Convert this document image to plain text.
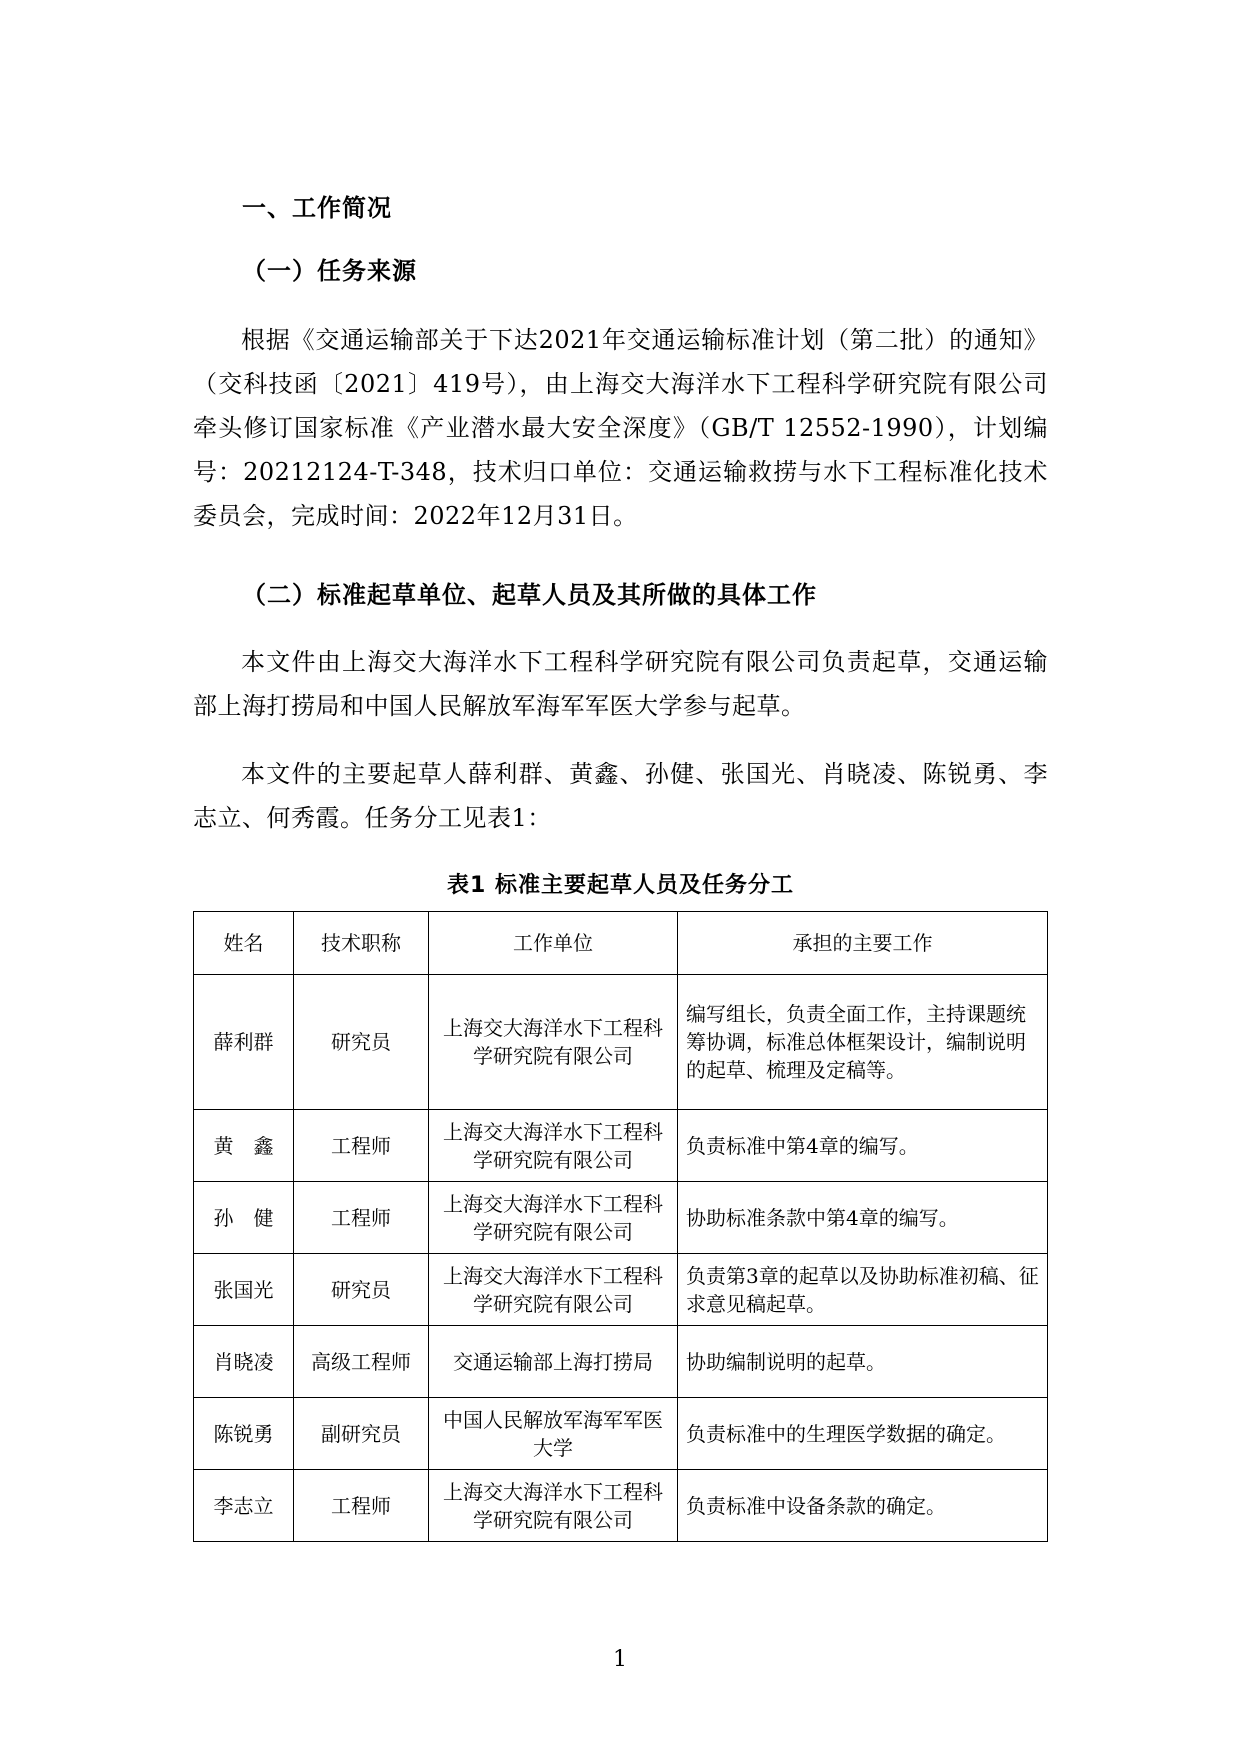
一、工作简况
（一）任务来源
根据《交通运输部关于下达2021年交通运输标准计划（第二批）的通知》（交科技函〔2021〕419号），由上海交大海洋水下工程科学研究院有限公司牵头修订国家标准《产业潜水最大安全深度》（GB/T 12552-1990），计划编号：20212124-T-348，技术归口单位：交通运输救捞与水下工程标准化技术委员会，完成时间：2022年12月31日。
（二）标准起草单位、起草人员及其所做的具体工作
本文件由上海交大海洋水下工程科学研究院有限公司负责起草，交通运输部上海打捞局和中国人民解放军海军军医大学参与起草。
本文件的主要起草人薛利群、黄鑫、孙健、张国光、肖晓凌、陈锐勇、李志立、何秀霞。任务分工见表1：
表1 标准主要起草人员及任务分工
姓名	技术职称	工作单位	承担的主要工作
薛利群	研究员	上海交大海洋水下工程科学研究院有限公司	编写组长，负责全面工作，主持课题统筹协调，标准总体框架设计，编制说明的起草、梳理及定稿等。
黄　鑫	工程师	上海交大海洋水下工程科学研究院有限公司	负责标准中第4章的编写。
孙　健	工程师	上海交大海洋水下工程科学研究院有限公司	协助标准条款中第4章的编写。
张国光	研究员	上海交大海洋水下工程科学研究院有限公司	负责第3章的起草以及协助标准初稿、征求意见稿起草。
肖晓凌	高级工程师	交通运输部上海打捞局	协助编制说明的起草。
陈锐勇	副研究员	中国人民解放军海军军医大学	负责标准中的生理医学数据的确定。
李志立	工程师	上海交大海洋水下工程科学研究院有限公司	负责标准中设备条款的确定。
1
